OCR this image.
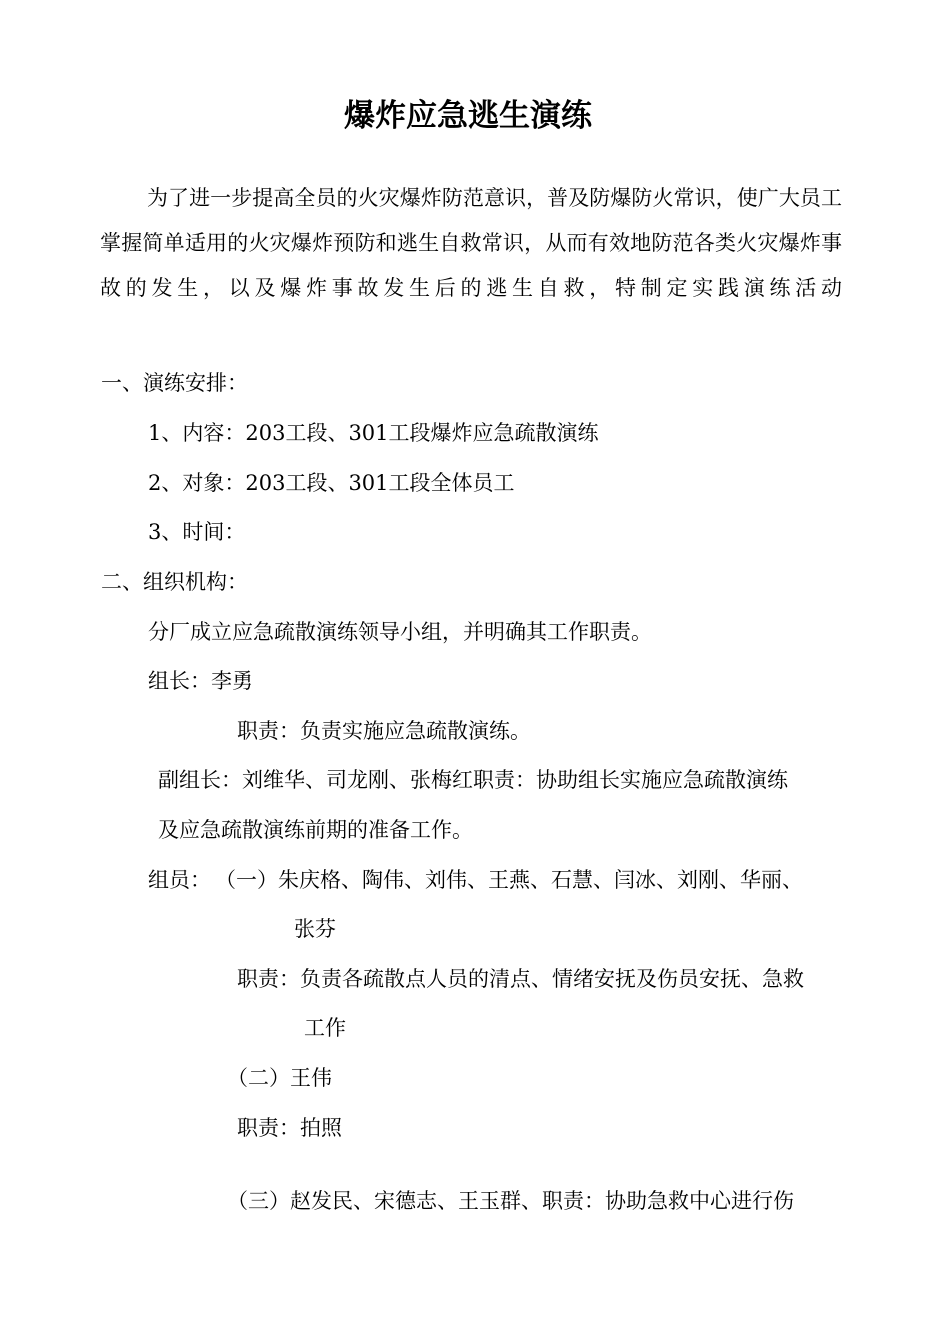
爆炸应急逃生演练

为了进一步提高全员的火灾爆炸防范意识，普及防爆防火常识，使广大员工掌握简单适用的火灾爆炸预防和逃生自救常识，从而有效地防范各类火灾爆炸事故的发生，以及爆炸事故发生后的逃生自救，特制定实践演练活动

一、演练安排：

1、内容：203工段、301工段爆炸应急疏散演练

2、对象：203工段、301工段全体员工

3、时间：

二、组织机构：

分厂成立应急疏散演练领导小组，并明确其工作职责。

组长：李勇

职责：负责实施应急疏散演练。

副组长：刘维华、司龙刚、张梅红职责：协助组长实施应急疏散演练

及应急疏散演练前期的准备工作。

组员： （一）朱庆格、陶伟、刘伟、王燕、石慧、闫冰、刘刚、华丽、

张芬

职责：负责各疏散点人员的清点、情绪安抚及伤员安抚、急救

工作

（二）王伟

职责：拍照

（三）赵发民、宋德志、王玉群、职责：协助急救中心进行伤
